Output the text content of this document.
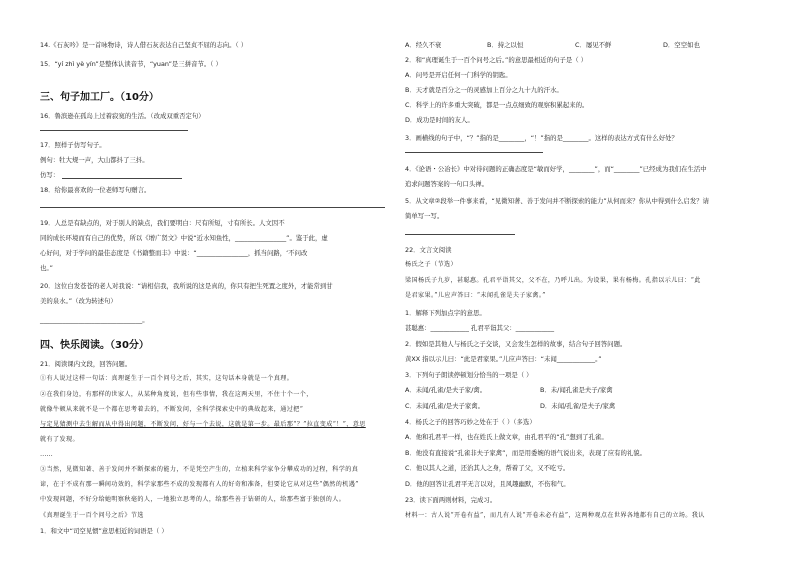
14.《石灰吟》是一首咏物诗，诗人借石灰表达自己坚贞不屈的志向。（ ）
15．“yí zhì yè yín”是整体认读音节，“yuan”是三拼音节。（ ）
三、句子加工厂。（10分）
16．鲁滨逊在孤岛上过着寂寞的生活。（改成双重否定句）
17．照样子仿写句子。
例句：牡大规一声，大山都抖了三抖。
仿写：
18．给你最喜欢的一位老师写句赠言。
19．人总是有缺点的，对于别人的缺点，我们要明白：尺有所短，寸有所长。人文因不
同的成长环境而有自己的优势，所以《增广贤文》中说“近水知鱼性，________________”。鉴于此，虚
心好问，对于学问的最佳态度是《书籍整而丰》中说：“________________，抓当问路，‘不问改
也。”
20．这位白发苍苍的老人对我说：“请相信我，我所说的这是真的，你只有把生死置之度外，才能常到甘
美的泉水。”（改为转述句）
________________________________。
四、快乐阅读。（30分）
21．阅读课内文段，回答问题。
①有人说过这样一句话：真理诞生于一百个问号之后，其实，这句话本身就是一个真理。
②在我们身边，有那样的世家人，从某种角度说，但有些事情，我在这两天里，不住十个一个，
就像牛顿从来就不是一个都在思考着去的，不断发问，全科学探索史中的典故起来，通过把“
与定见猜测中去生解而从中得出问题，不断发问，好与一个去说，这就是第一步。最后那“？”拉直变成“！”，意思
就有了发现。
……
③当然，见微知著、善于发问并不断探索的能力，不是凭空产生的，立植来科学家争分攀成功的过程，科学的真
谛，在于不成有那一瞬间功效的，科学家那些不成的发现都有人的好奇和准备，但要论它从对这些“偶然的机遇”
中发现问题，不好分给她明察秋毫的人，一地独立思考的人，给那些善于钻研的人，给那些富于独创的人。
《真理诞生于一百个问号之后》节选
1．和文中“司空见惯”意思相近的词语是（ ）
A．经久不衰	B．持之以恒	C．屡见不鲜	D．空空如也
2．和“真理诞生于一百个问号之后。”的意思最相近的句子是（ ）
A．问号是开启任何一门科学的钥匙。
B．天才就是百分之一的灵感加上百分之九十九的汗水。
C．科学上的许多重大突破，都是一点点细致的观察积累起来的。
D．成功是时间的友人。
3．画横线的句子中，“？”指的是________，“！”指的是________。这样的表达方式有什么好处？
4．《论语・公冶长》中对待问题的正确态度是“敏而好学，________”，而“________”已经成为我们在生活中
追求问题答案的一句口头禅。
5．从文章②段举一件事来看，“见微知著、善于发问并不断探索的能力”从何而来？你从中得到什么启发？请
简单写一写。
22．文言文阅读
杨氏之子（节选）
梁国杨氏子九岁，甚聪惠。孔君平诣其父，父不在，乃呼儿出。为设果，果有杨梅。孔指以示儿曰：“此
是君家果。”儿应声答曰：“未闻孔雀是夫子家禽。”
1．解释下列加点字的意思。
甚聪惠：____________ 孔君平诣其父：____________
2．假如是其他人与杨氏之子交谈，又会发生怎样的故事，结合句子回答问题。
黄XX 指以示儿曰：“此是君家果。”儿应声答曰：“未闻____________。”
3．下列句子朗读停顿划分恰当的一项是（ ）
A．未闻/孔雀/是夫子家/禽。	B．未/闻孔雀是夫子/家禽
C．未闻/孔雀/是夫子家禽。	D．未闻/孔雀/是夫子/家禽
4．杨氏之子的回答巧妙之处在于（ ）（多选）
A．他和孔君平一样，也在姓氏上做文章，由孔君平的“孔”想到了孔雀。
B．他没有直接说“孔雀非夫子家禽”，而是用委婉的语气说出来，表现了应有的礼貌。
C．他以其人之道，还治其人之身，帮着了父，又不吃亏。
D．他的回答让孔君平无言以对，且风趣幽默，不伤和气。
23．读下面两则材料，完成习。
材料一：古人说“开卷有益”，而几有人说“开卷未必有益”，这两种观点在世界各地都有自己的立场。我认
